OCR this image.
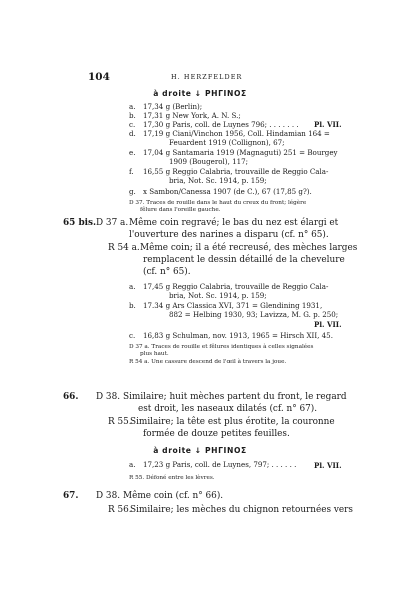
104	H. HERZFELDER
à droite ↓ ΡΗΓΙΝΟΣ
a. 17,34 g (Berlin);
b. 17,31 g New York, A. N. S.;
c. 17,30 g Paris, coll. de Luynes 796; . . . . . . . Pl. VII.
d. 17,19 g Ciani/Vinchon 1956, Coll. Hindamian 164 =
Feuardent 1919 (Collignon), 67;
e. 17,04 g Santamaria 1919 (Magnaguti) 251 = Bourgey
1909 (Bougerol), 117;
f. 16,55 g Reggio Calabria, trouvaille de Reggio Cala-
bria, Not. Sc. 1914, p. 159;
g. x Sambon/Canessa 1907 (de C.), 67 (17,85 g?).
D 37. Traces de rouille dans le haut du creux du front; légère
fêlure dans l'oreille gauche.
65 bis. D 37 a. Même coin regravé; le bas du nez est élargi et
l'ouverture des narines a disparu (cf. n° 65).
R 54 a. Même coin; il a été recreusé, des mèches larges
remplacent le dessin détaillé de la chevelure
(cf. n° 65).
a. 17,45 g Reggio Calabria, trouvaille de Reggio Cala-
bria, Not. Sc. 1914, p. 159;
b. 17.34 g Ars Classica XVI, 371 = Glendining 1931,
882 = Helbing 1930, 93; Lavizza, M. G. p. 250;
Pl. VII.
c. 16,83 g Schulman, nov. 1913, 1965 = Hirsch XII, 45.
D 37 a. Traces de rouille et fêlures identiques à celles signalées
plus haut.
R 54 a. Une cassure descend de l'œil à travers la joue.
66. D 38. Similaire; huit mèches partent du front, le regard
est droit, les naseaux dilatés (cf. n° 67).
R 55.
Similaire; la tête est plus érotite, la couronne
formée de douze petites feuilles.
à droite ↓ ΡΗΓΙΝΟΣ
a. 17,23 g Paris, coll. de Luynes, 797; . . . . . . Pl. VII.
R 55. Défoné entre les lèvres.
67. D 38. Même coin (cf. n° 66).
R 56.
Similaire; les mèches du chignon retournées vers
